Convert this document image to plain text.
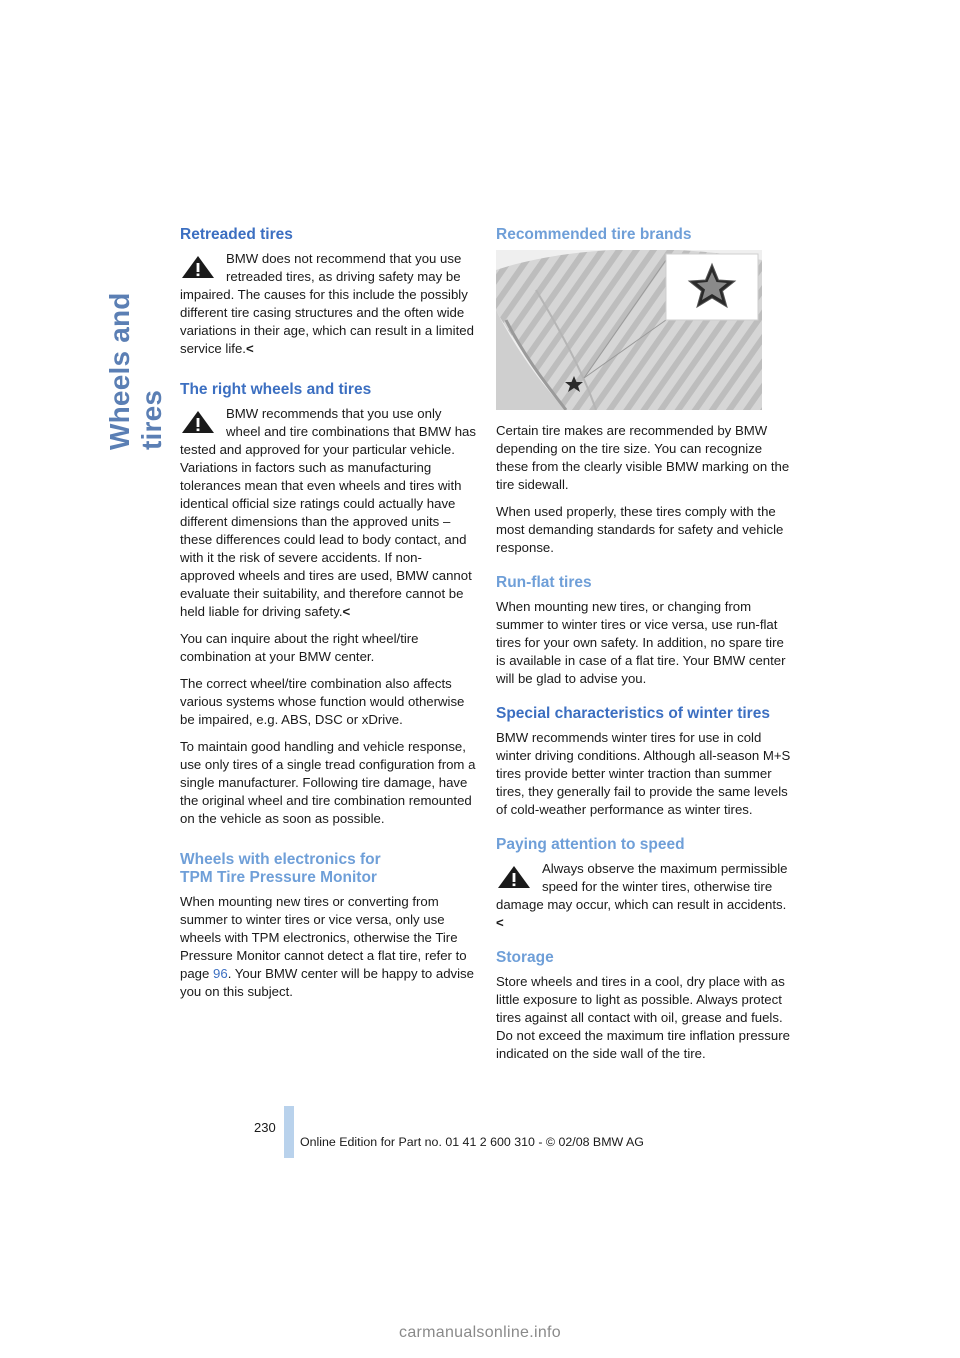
Wheels and tires
Retreaded tires

BMW does not recommend that you use retreaded tires, as driving safety may be impaired. The causes for this include the possibly different tire casing structures and the often wide variations in their age, which can result in a limited service life.<

The right wheels and tires

BMW recommends that you use only wheel and tire combinations that BMW has tested and approved for your particular vehicle. Variations in factors such as manufacturing tolerances mean that even wheels and tires with identical official size ratings could actually have different dimensions than the approved units – these differences could lead to body contact, and with it the risk of severe accidents. If non-approved wheels and tires are used, BMW cannot evaluate their suitability, and therefore cannot be held liable for driving safety.<

You can inquire about the right wheel/tire combination at your BMW center.

The correct wheel/tire combination also affects various systems whose function would otherwise be impaired, e.g. ABS, DSC or xDrive.

To maintain good handling and vehicle response, use only tires of a single tread configuration from a single manufacturer. Following tire damage, have the original wheel and tire combination remounted on the vehicle as soon as possible.

Wheels with electronics for
TPM Tire Pressure Monitor

When mounting new tires or converting from summer to winter tires or vice versa, only use wheels with TPM electronics, otherwise the Tire Pressure Monitor cannot detect a flat tire, refer to page 96. Your BMW center will be happy to advise you on this subject.

Recommended tire brands

Certain tire makes are recommended by BMW depending on the tire size. You can recognize these from the clearly visible BMW marking on the tire sidewall.

When used properly, these tires comply with the most demanding standards for safety and vehicle response.

Run-flat tires

When mounting new tires, or changing from summer to winter tires or vice versa, use run-flat tires for your own safety. In addition, no spare tire is available in case of a flat tire. Your BMW center will be glad to advise you.

Special characteristics of winter tires

BMW recommends winter tires for use in cold winter driving conditions. Although all-season M+S tires provide better winter traction than summer tires, they generally fail to provide the same levels of cold-weather performance as winter tires.

Paying attention to speed

Always observe the maximum permissible speed for the winter tires, otherwise tire damage may occur, which can result in accidents.<

Storage

Store wheels and tires in a cool, dry place with as little exposure to light as possible. Always protect tires against all contact with oil, grease and fuels. Do not exceed the maximum tire inflation pressure indicated on the side wall of the tire.

230
Online Edition for Part no. 01 41 2 600 310 - © 02/08 BMW AG
carmanualsonline.info
